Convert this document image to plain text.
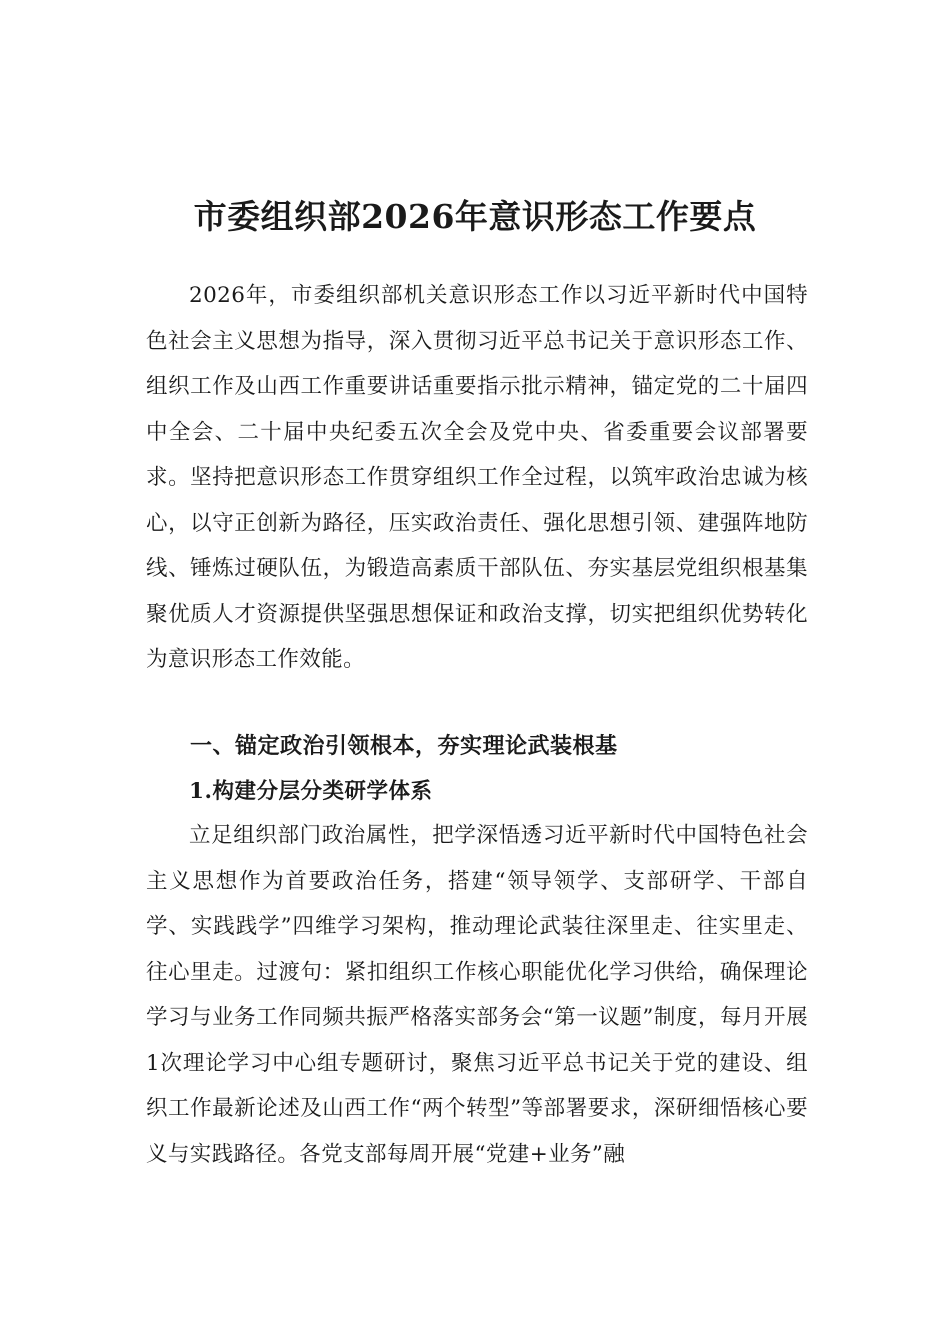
市委组织部2026年意识形态工作要点

2026年，市委组织部机关意识形态工作以习近平新时代中国特色社会主义思想为指导，深入贯彻习近平总书记关于意识形态工作、组织工作及山西工作重要讲话重要指示批示精神，锚定党的二十届四中全会、二十届中央纪委五次全会及党中央、省委重要会议部署要求。坚持把意识形态工作贯穿组织工作全过程，以筑牢政治忠诚为核心，以守正创新为路径，压实政治责任、强化思想引领、建强阵地防线、锤炼过硬队伍，为锻造高素质干部队伍、夯实基层党组织根基集聚优质人才资源提供坚强思想保证和政治支撑，切实把组织优势转化为意识形态工作效能。

一、锚定政治引领根本，夯实理论武装根基
1.构建分层分类研学体系

立足组织部门政治属性，把学深悟透习近平新时代中国特色社会主义思想作为首要政治任务，搭建“领导领学、支部研学、干部自学、实践践学”四维学习架构，推动理论武装往深里走、往实里走、往心里走。过渡句：紧扣组织工作核心职能优化学习供给，确保理论学习与业务工作同频共振严格落实部务会“第一议题”制度，每月开展1次理论学习中心组专题研讨，聚焦习近平总书记关于党的建设、组织工作最新论述及山西工作“两个转型”等部署要求，深研细悟核心要义与实践路径。各党支部每周开展“党建+业务”融
